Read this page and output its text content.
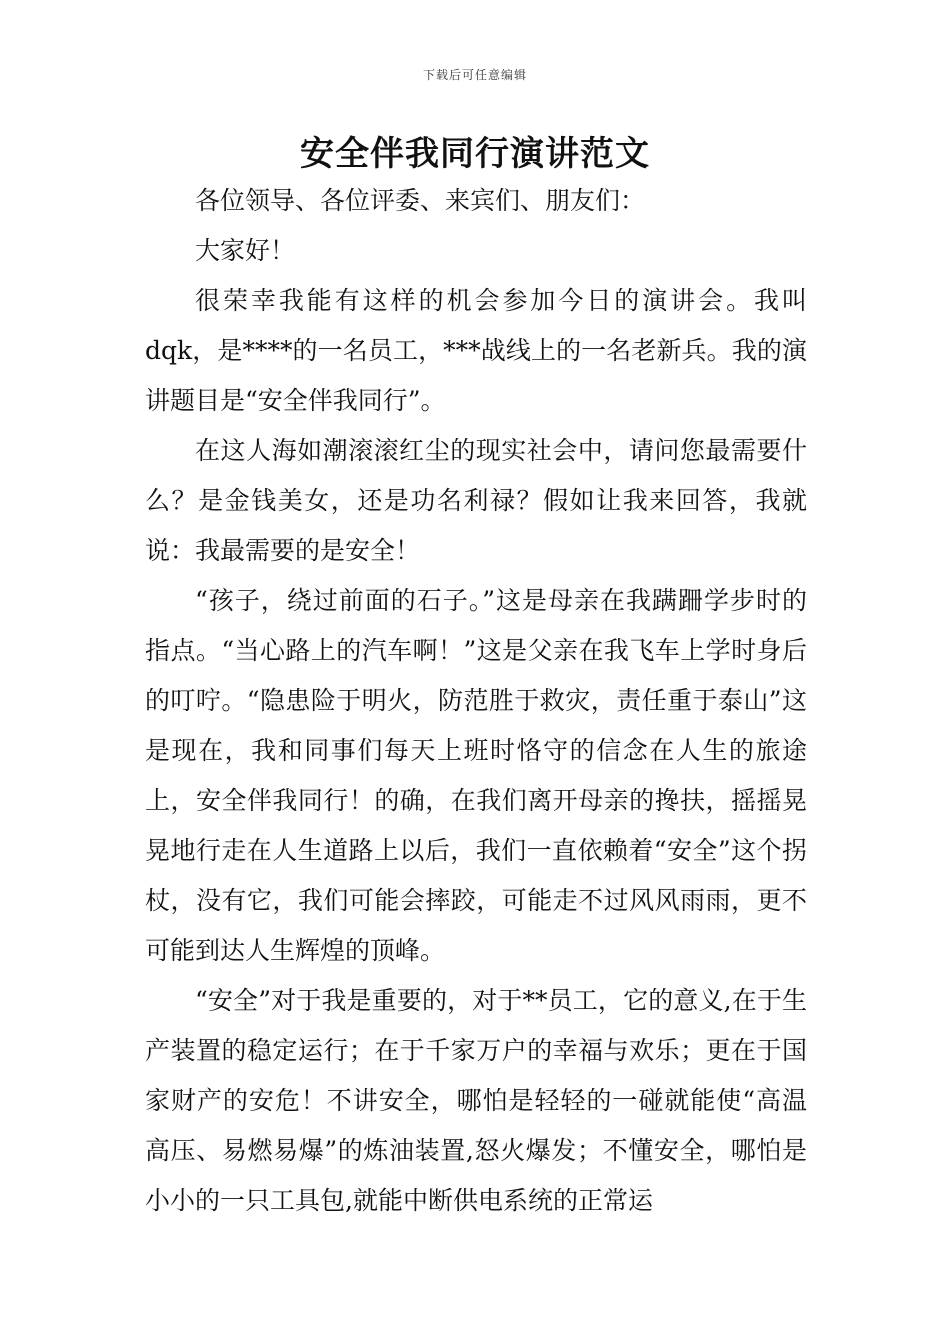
下载后可任意编辑
安全伴我同行演讲范文

各位领导、各位评委、来宾们、朋友们：

大家好！

很荣幸我能有这样的机会参加今日的演讲会。我叫dqk，是****的一名员工，***战线上的一名老新兵。我的演讲题目是“安全伴我同行”。

在这人海如潮滚滚红尘的现实社会中，请问您最需要什么？是金钱美女，还是功名利禄？假如让我来回答，我就说：我最需要的是安全！

“孩子，绕过前面的石子。”这是母亲在我蹒跚学步时的指点。“当心路上的汽车啊！”这是父亲在我飞车上学时身后的叮咛。“隐患险于明火，防范胜于救灾，责任重于泰山”这是现在，我和同事们每天上班时恪守的信念在人生的旅途上，安全伴我同行！的确，在我们离开母亲的搀扶，摇摇晃晃地行走在人生道路上以后，我们一直依赖着“安全”这个拐杖，没有它，我们可能会摔跤，可能走不过风风雨雨，更不可能到达人生辉煌的顶峰。

“安全”对于我是重要的，对于**员工，它的意义,在于生产装置的稳定运行；在于千家万户的幸福与欢乐；更在于国家财产的安危！不讲安全，哪怕是轻轻的一碰就能使“高温高压、易燃易爆”的炼油装置,怒火爆发；不懂安全，哪怕是小小的一只工具包,就能中断供电系统的正常运
